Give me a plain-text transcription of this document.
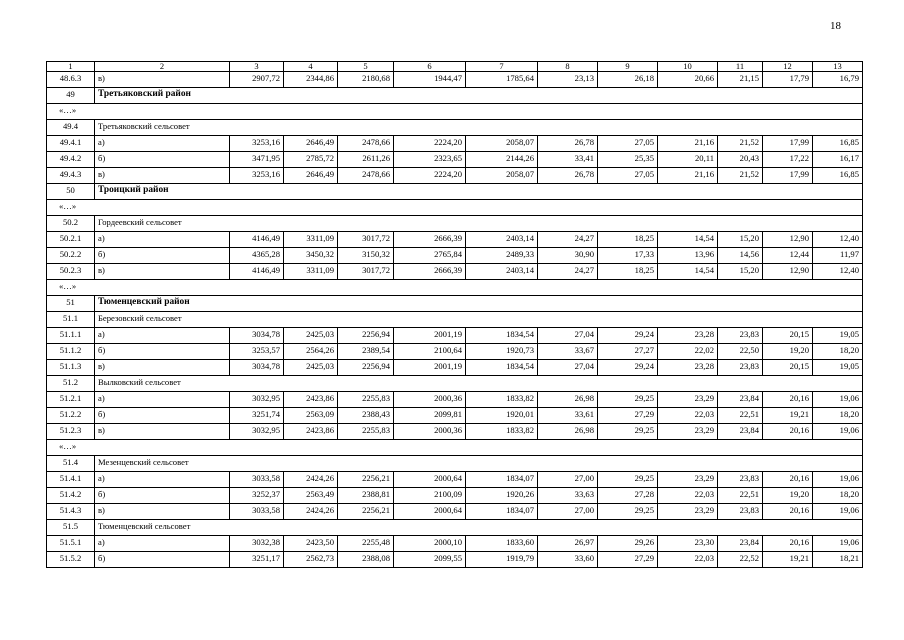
18
1	2	3	4	5	6	7	8	9	10	11	12	13
48.6.3	в)	2907,72	2344,86	2180,68	1944,47	1785,64	23,13	26,18	20,66	21,15	17,79	16,79
49	Третьяковский район											
«…»												
49.4	Третьяковский сельсовет											
49.4.1	а)	3253,16	2646,49	2478,66	2224,20	2058,07	26,78	27,05	21,16	21,52	17,99	16,85
49.4.2	б)	3471,95	2785,72	2611,26	2323,65	2144,26	33,41	25,35	20,11	20,43	17,22	16,17
49.4.3	в)	3253,16	2646,49	2478,66	2224,20	2058,07	26,78	27,05	21,16	21,52	17,99	16,85
50	Троицкий район											
«…»												
50.2	Гордеевский сельсовет											
50.2.1	а)	4146,49	3311,09	3017,72	2666,39	2403,14	24,27	18,25	14,54	15,20	12,90	12,40
50.2.2	б)	4365,28	3450,32	3150,32	2765,84	2489,33	30,90	17,33	13,96	14,56	12,44	11,97
50.2.3	в)	4146,49	3311,09	3017,72	2666,39	2403,14	24,27	18,25	14,54	15,20	12,90	12,40
«…»												
51	Тюменцевский район											
51.1	Березовский сельсовет											
51.1.1	а)	3034,78	2425,03	2256,94	2001,19	1834,54	27,04	29,24	23,28	23,83	20,15	19,05
51.1.2	б)	3253,57	2564,26	2389,54	2100,64	1920,73	33,67	27,27	22,02	22,50	19,20	18,20
51.1.3	в)	3034,78	2425,03	2256,94	2001,19	1834,54	27,04	29,24	23,28	23,83	20,15	19,05
51.2	Вылковский сельсовет											
51.2.1	а)	3032,95	2423,86	2255,83	2000,36	1833,82	26,98	29,25	23,29	23,84	20,16	19,06
51.2.2	б)	3251,74	2563,09	2388,43	2099,81	1920,01	33,61	27,29	22,03	22,51	19,21	18,20
51.2.3	в)	3032,95	2423,86	2255,83	2000,36	1833,82	26,98	29,25	23,29	23,84	20,16	19,06
«…»												
51.4	Мезенцевский сельсовет											
51.4.1	а)	3033,58	2424,26	2256,21	2000,64	1834,07	27,00	29,25	23,29	23,83	20,16	19,06
51.4.2	б)	3252,37	2563,49	2388,81	2100,09	1920,26	33,63	27,28	22,03	22,51	19,20	18,20
51.4.3	в)	3033,58	2424,26	2256,21	2000,64	1834,07	27,00	29,25	23,29	23,83	20,16	19,06
51.5	Тюменцевский сельсовет											
51.5.1	а)	3032,38	2423,50	2255,48	2000,10	1833,60	26,97	29,26	23,30	23,84	20,16	19,06
51.5.2	б)	3251,17	2562,73	2388,08	2099,55	1919,79	33,60	27,29	22,03	22,52	19,21	18,21
